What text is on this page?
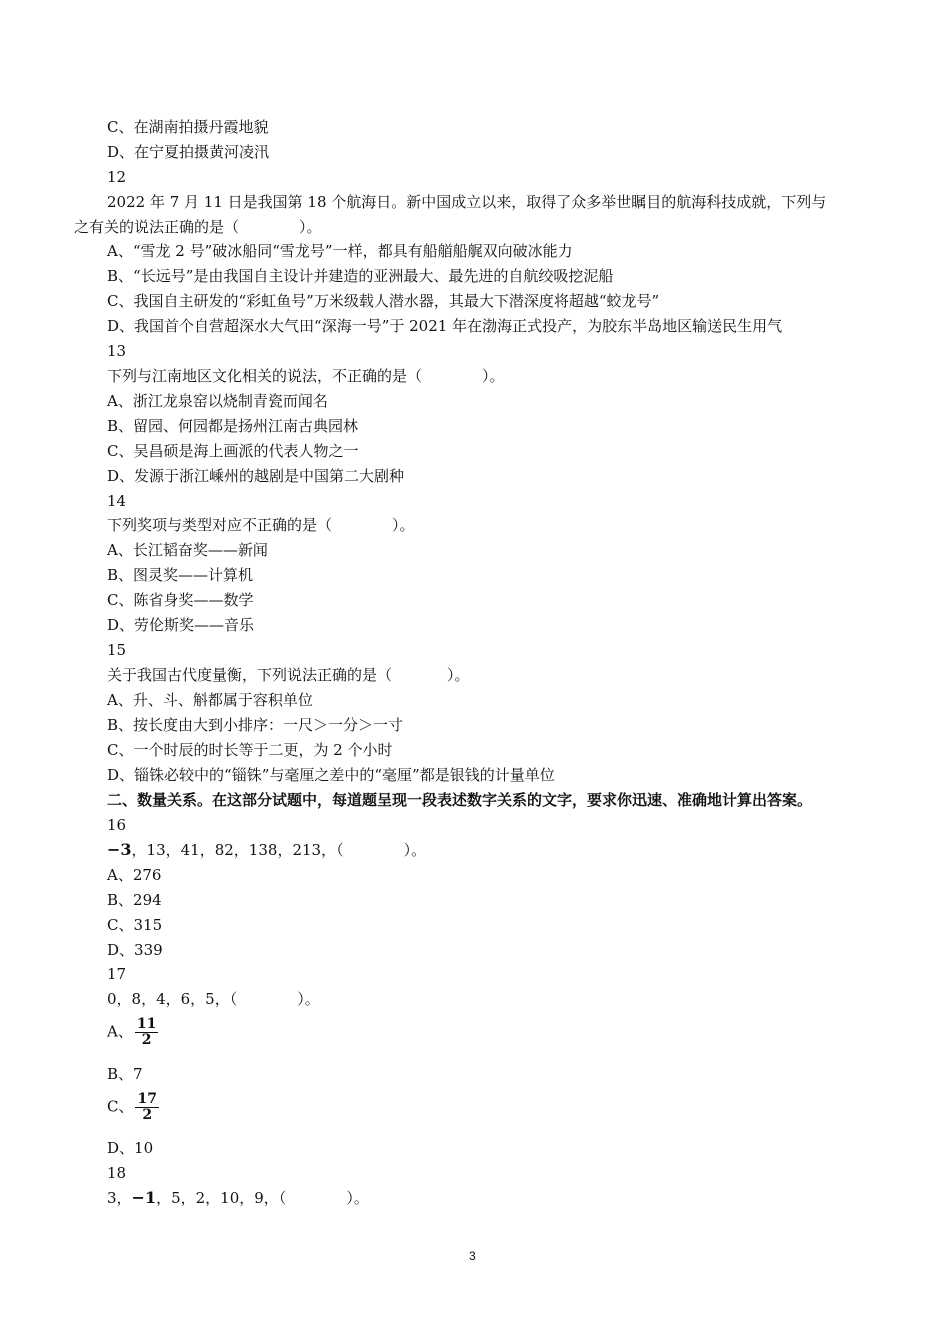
C、在湖南拍摄丹霞地貌
D、在宁夏拍摄黄河凌汛
12
2022 年 7 月 11 日是我国第 18 个航海日。新中国成立以来，取得了众多举世瞩目的航海科技成就，下列与
之有关的说法正确的是（	）。
A、“雪龙 2 号”破冰船同“雪龙号”一样，都具有船艏船艉双向破冰能力
B、“长远号”是由我国自主设计并建造的亚洲最大、最先进的自航绞吸挖泥船
C、我国自主研发的“彩虹鱼号”万米级载人潜水器，其最大下潜深度将超越“蛟龙号”
D、我国首个自营超深水大气田“深海一号”于 2021 年在渤海正式投产，为胶东半岛地区输送民生用气
13
下列与江南地区文化相关的说法，不正确的是（	）。
A、浙江龙泉窑以烧制青瓷而闻名
B、留园、何园都是扬州江南古典园林
C、吴昌硕是海上画派的代表人物之一
D、发源于浙江嵊州的越剧是中国第二大剧种
14
下列奖项与类型对应不正确的是（	）。
A、长江韬奋奖——新闻
B、图灵奖——计算机
C、陈省身奖——数学
D、劳伦斯奖——音乐
15
关于我国古代度量衡，下列说法正确的是（	）。
A、升、斗、斛都属于容积单位
B、按长度由大到小排序：一尺＞一分＞一寸
C、一个时辰的时长等于二更，为 2 个小时
D、锱铢必较中的“锱铢”与毫厘之差中的“毫厘”都是银钱的计量单位
二、数量关系。在这部分试题中，每道题呈现一段表述数字关系的文字，要求你迅速、准确地计算出答案。
16
−3，13，41，82，138，213，（	）。
A、276
B、294
C、315
D、339
17
0，8，4，6，5，（	）。
A、 $\frac{11}{2}$
B、7
C、 $\frac{17}{2}$
D、10
18
3，−1，5，2，10，9，（	）。
3
